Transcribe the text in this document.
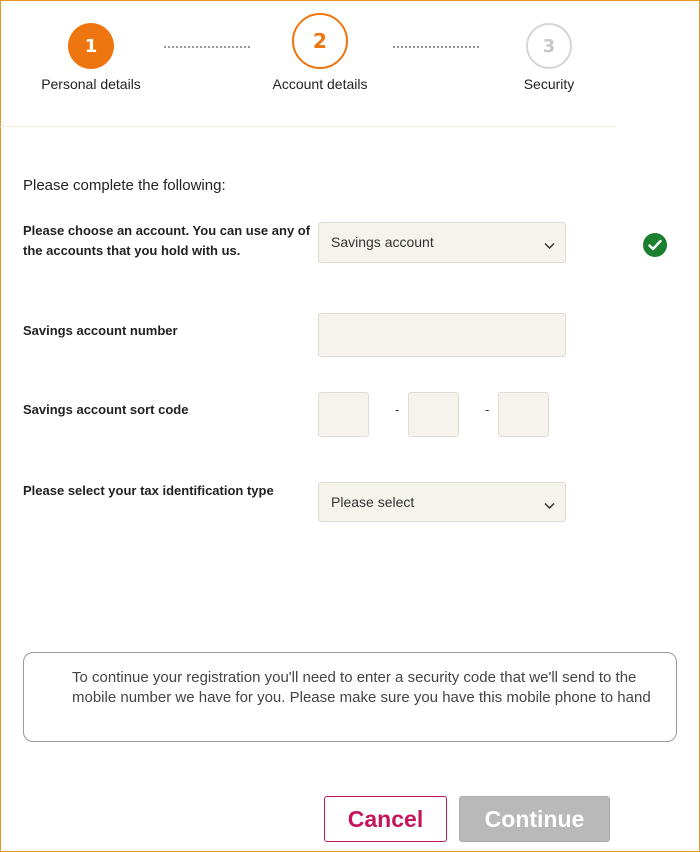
1
Personal details
2
Account details
3
Security
Please complete the following:
Please choose an account. You can use any of the accounts that you hold with us.
Savings account
Savings account number
Savings account sort code	-	-
Please select your tax identification type
Please select
To continue your registration you'll need to enter a security code that we'll send to the mobile number we have for you. Please make sure you have this mobile phone to hand
Cancel	Continue
